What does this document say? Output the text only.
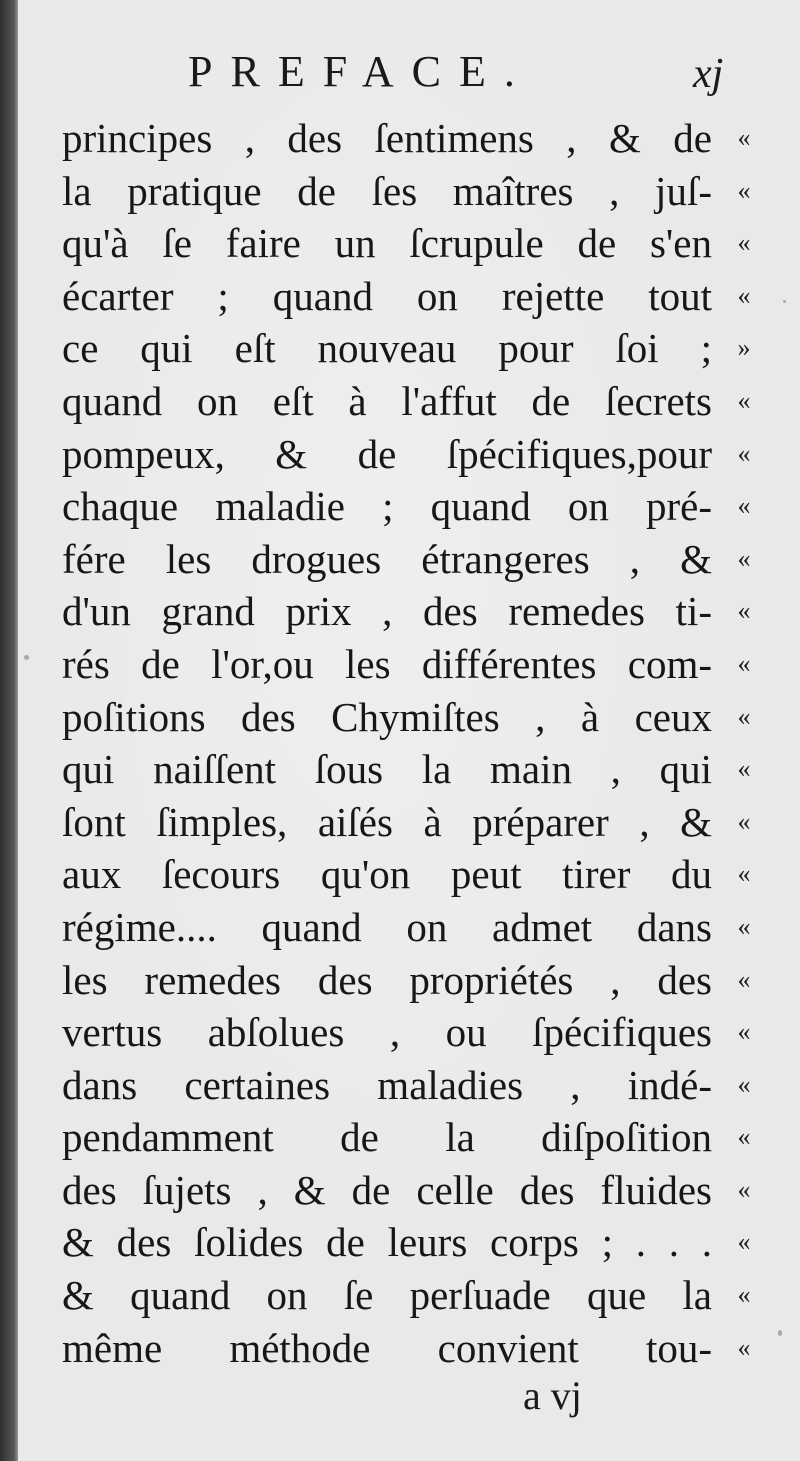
PREFACE.	xj
principes , des ſentimens , & de
la pratique de ſes maîtres , juſ-
qu'à ſe faire un ſcrupule de s'en
écarter ; quand on rejette tout
ce qui eſt nouveau pour ſoi ;
quand on eſt à l'affut de ſecrets
pompeux, & de ſpécifiques,pour
chaque maladie ; quand on pré-
fére les drogues étrangeres , &
d'un grand prix , des remedes ti-
rés de l'or,ou les différentes com-
poſitions des Chymiſtes , à ceux
qui naiſſent ſous la main , qui
ſont ſimples, aiſés à préparer , &
aux ſecours qu'on peut tirer du
régime.... quand on admet dans
les remedes des propriétés , des
vertus abſolues , ou ſpécifiques
dans certaines maladies , indé-
pendamment de la diſpoſition
des ſujets , & de celle des fluides
& des ſolides de leurs corps ; . . .
& quand on ſe perſuade que la
même méthode convient tou-
«
«
«
«
»
«
«
«
«
«
«
«
«
«
«
«
«
«
«
«
«
«
«
«
a vj
